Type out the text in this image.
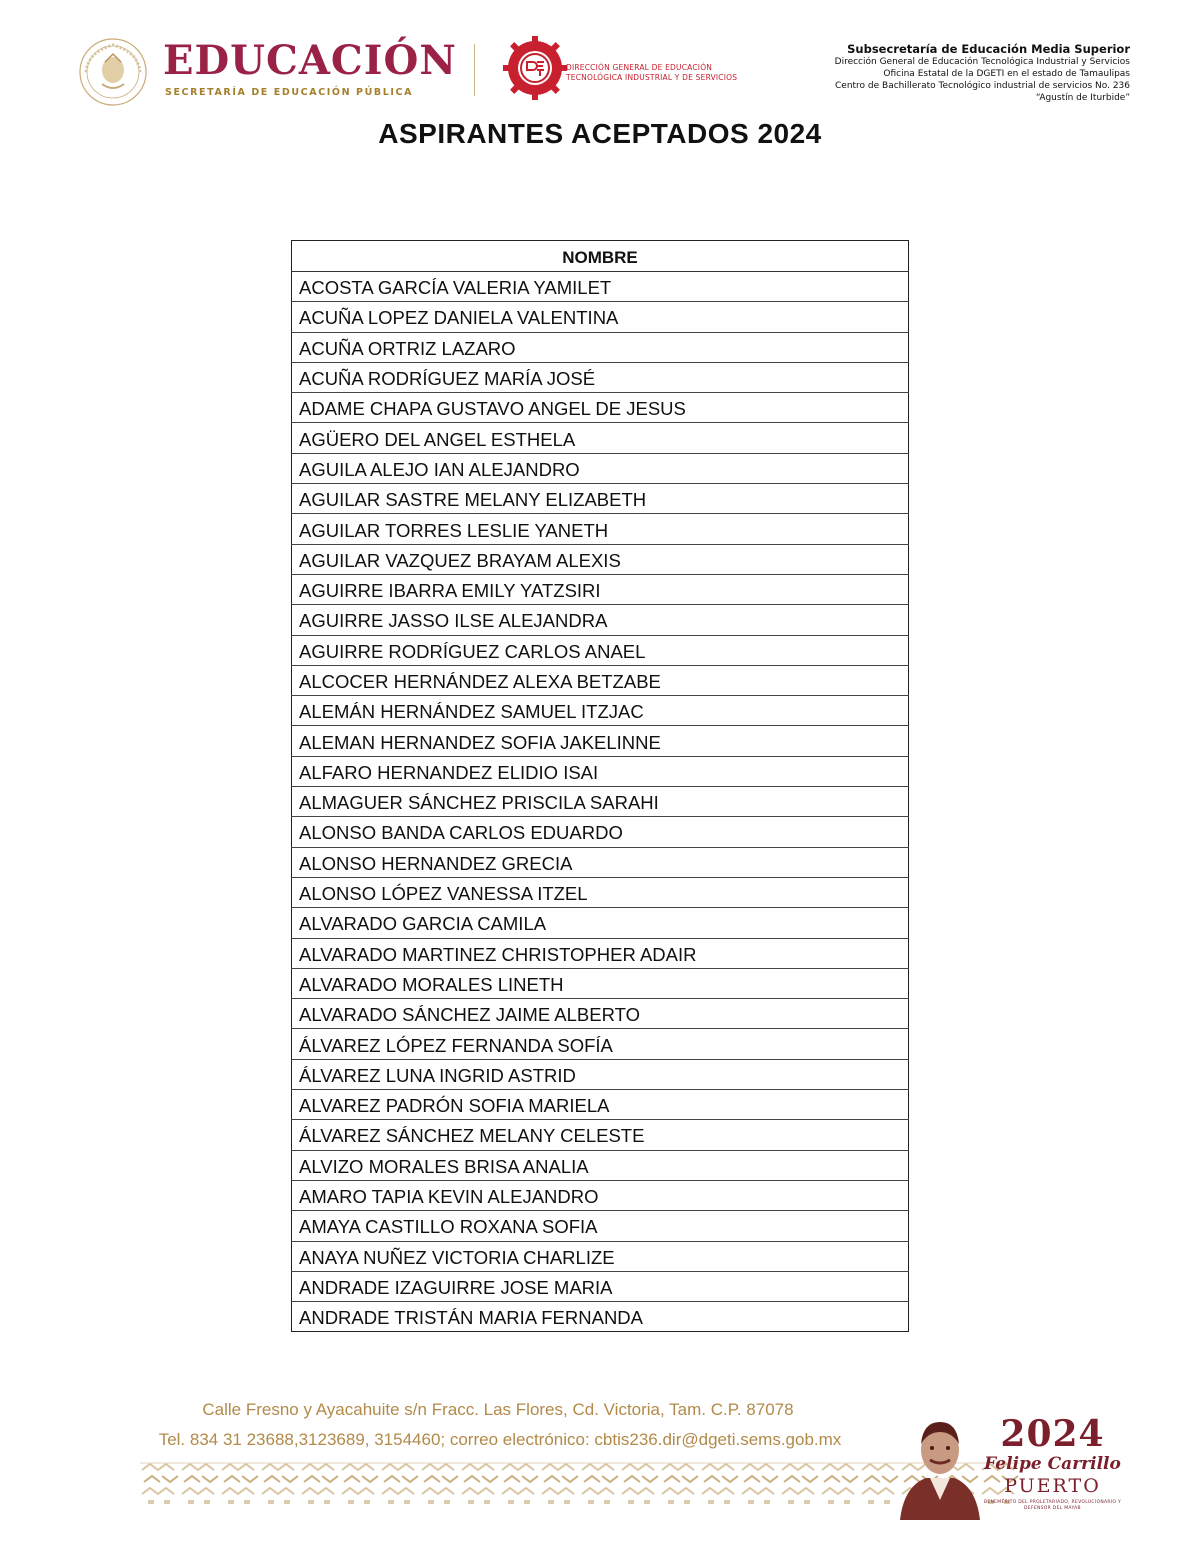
EDUCACIÓN
SECRETARÍA DE EDUCACIÓN PÚBLICA
DIRECCIÓN GENERAL DE EDUCACIÓN
TECNOLÓGICA INDUSTRIAL Y DE SERVICIOS
Subsecretaría de Educación Media Superior
Dirección General de Educación Tecnológica Industrial y Servicios
Oficina Estatal de la DGETI en el estado de Tamaulipas
Centro de Bachillerato Tecnológico industrial de servicios No. 236
“Agustín de Iturbide”
ASPIRANTES ACEPTADOS 2024
NOMBRE
ACOSTA GARCÍA VALERIA YAMILET
ACUÑA LOPEZ DANIELA VALENTINA
ACUÑA ORTRIZ LAZARO
ACUÑA RODRÍGUEZ MARÍA JOSÉ
ADAME CHAPA GUSTAVO ANGEL DE JESUS
AGÜERO DEL ANGEL ESTHELA
AGUILA ALEJO IAN ALEJANDRO
AGUILAR SASTRE MELANY ELIZABETH
AGUILAR TORRES LESLIE YANETH
AGUILAR VAZQUEZ BRAYAM ALEXIS
AGUIRRE IBARRA EMILY YATZSIRI
AGUIRRE JASSO ILSE ALEJANDRA
AGUIRRE RODRÍGUEZ CARLOS ANAEL
ALCOCER HERNÁNDEZ ALEXA BETZABE
ALEMÁN HERNÁNDEZ SAMUEL ITZJAC
ALEMAN HERNANDEZ SOFIA JAKELINNE
ALFARO HERNANDEZ ELIDIO ISAI
ALMAGUER SÁNCHEZ PRISCILA SARAHI
ALONSO BANDA CARLOS EDUARDO
ALONSO HERNANDEZ GRECIA
ALONSO LÓPEZ VANESSA ITZEL
ALVARADO GARCIA CAMILA
ALVARADO MARTINEZ CHRISTOPHER ADAIR
ALVARADO MORALES LINETH
ALVARADO SÁNCHEZ JAIME ALBERTO
ÁLVAREZ LÓPEZ FERNANDA SOFÍA
ÁLVAREZ LUNA INGRID ASTRID
ALVAREZ PADRÓN SOFIA MARIELA
ÁLVAREZ SÁNCHEZ MELANY CELESTE
ALVIZO MORALES BRISA ANALIA
AMARO TAPIA KEVIN ALEJANDRO
AMAYA CASTILLO ROXANA SOFIA
ANAYA NUÑEZ VICTORIA CHARLIZE
ANDRADE IZAGUIRRE JOSE MARIA
ANDRADE TRISTÁN MARIA FERNANDA
Calle Fresno y Ayacahuite s/n Fracc. Las Flores, Cd. Victoria, Tam. C.P. 87078
Tel. 834 31 23688,3123689, 3154460; correo electrónico: cbtis236.dir@dgeti.sems.gob.mx	2024
Felipe Carrillo
PUERTO
BENEMÉRITO DEL PROLETARIADO, REVOLUCIONARIO Y DEFENSOR DEL MAYAB
